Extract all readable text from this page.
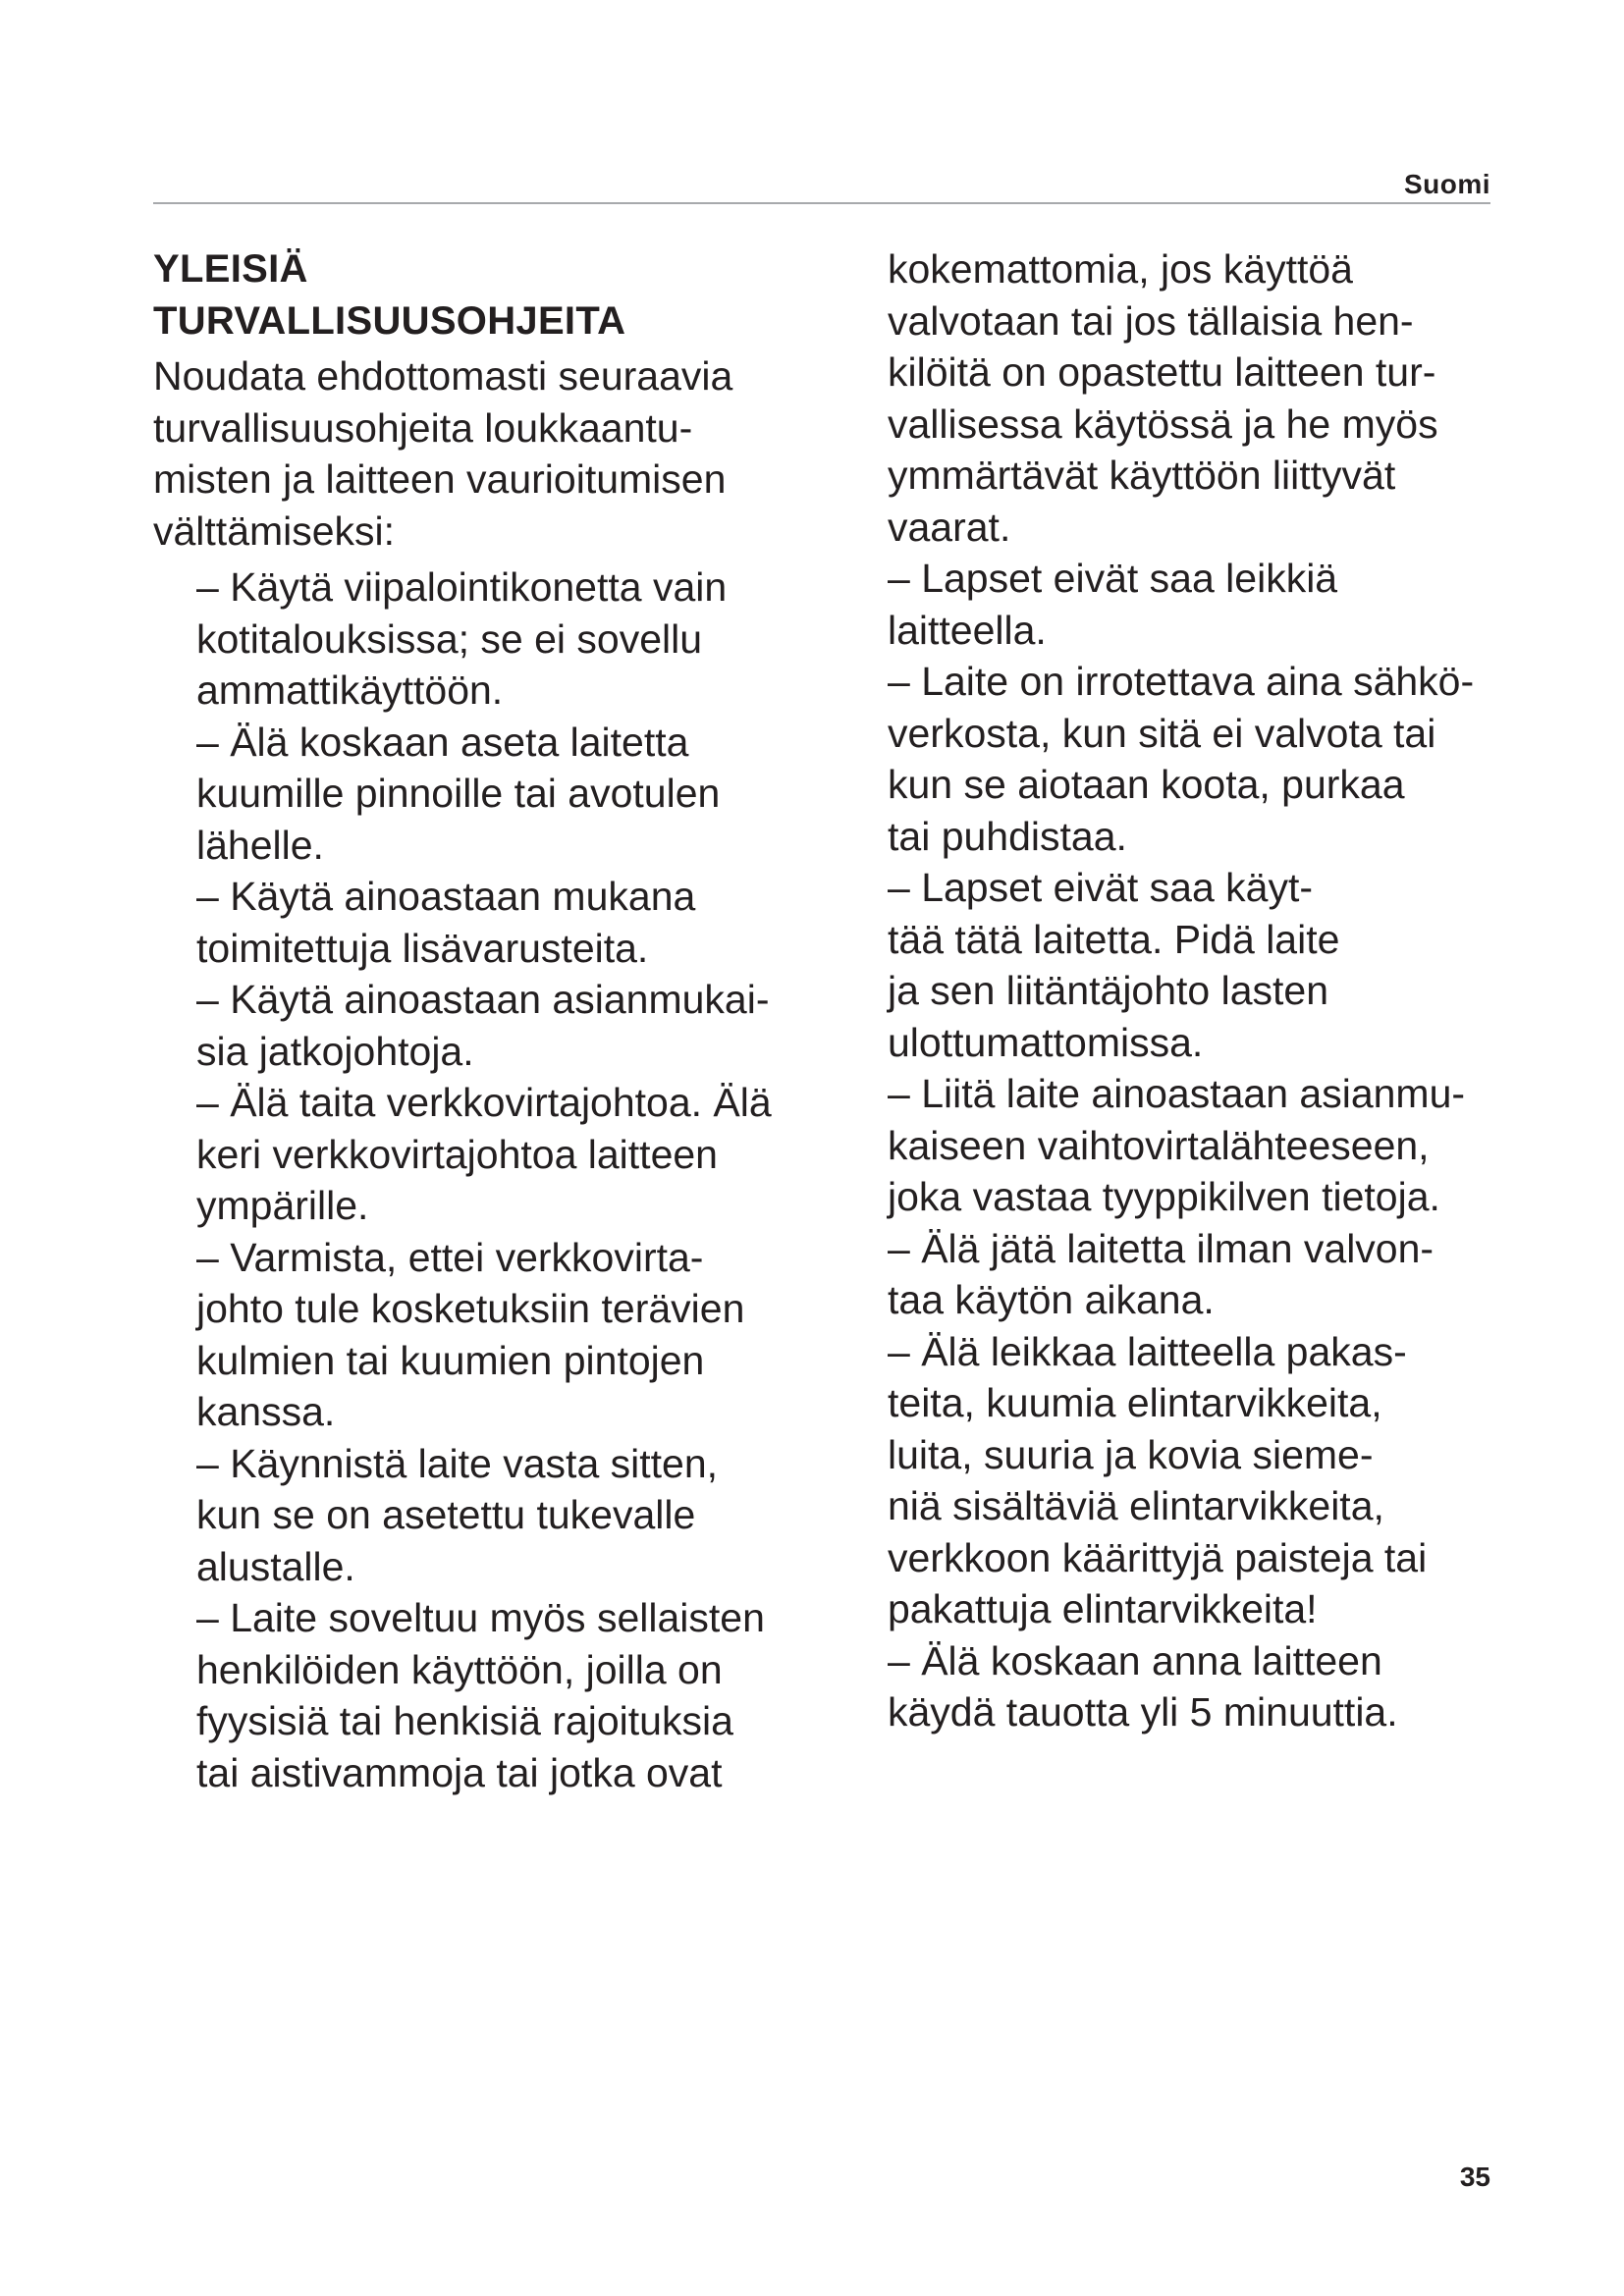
Suomi
YLEISIÄ
TURVALLISUUSOHJEITA
Noudata ehdottomasti seuraavia
turvallisuusohjeita loukkaantu-
misten ja laitteen vaurioitumisen
välttämiseksi:
– Käytä viipalointikonetta vain
kotitalouksissa; se ei sovellu
ammattikäyttöön.
– Älä koskaan aseta laitetta
kuumille pinnoille tai avotulen
lähelle.
– Käytä ainoastaan mukana
toimitettuja lisävarusteita.
– Käytä ainoastaan asianmukai-
sia jatkojohtoja.
– Älä taita verkkovirtajohtoa. Älä
keri verkkovirtajohtoa laitteen
ympärille.
– Varmista, ettei verkkovirta-
johto tule kosketuksiin terävien
kulmien tai kuumien pintojen
kanssa.
– Käynnistä laite vasta sitten,
kun se on asetettu tukevalle
alustalle.
– Laite soveltuu myös sellaisten
henkilöiden käyttöön, joilla on
fyysisiä tai henkisiä rajoituksia
tai aistivammoja tai jotka ovat
kokemattomia, jos käyttöä
valvotaan tai jos tällaisia hen-
kilöitä on opastettu laitteen tur-
vallisessa käytössä ja he myös
ymmärtävät käyttöön liittyvät
vaarat.
– Lapset eivät saa leikkiä
laitteella.
– Laite on irrotettava aina sähkö-
verkosta, kun sitä ei valvota tai
kun se aiotaan koota, purkaa
tai puhdistaa.
– Lapset eivät saa käyt-
tää tätä laitetta. Pidä laite
ja sen liitäntäjohto lasten
ulottumattomissa.
– Liitä laite ainoastaan asianmu-
kaiseen vaihtovirtalähteeseen,
joka vastaa tyyppikilven tietoja.
– Älä jätä laitetta ilman valvon-
taa käytön aikana.
– Älä leikkaa laitteella pakas-
teita, kuumia elintarvikkeita,
luita, suuria ja kovia sieme-
niä sisältäviä elintarvikkeita,
verkkoon käärittyjä paisteja tai
pakattuja elintarvikkeita!
– Älä koskaan anna laitteen
käydä tauotta yli 5 minuuttia.
35
